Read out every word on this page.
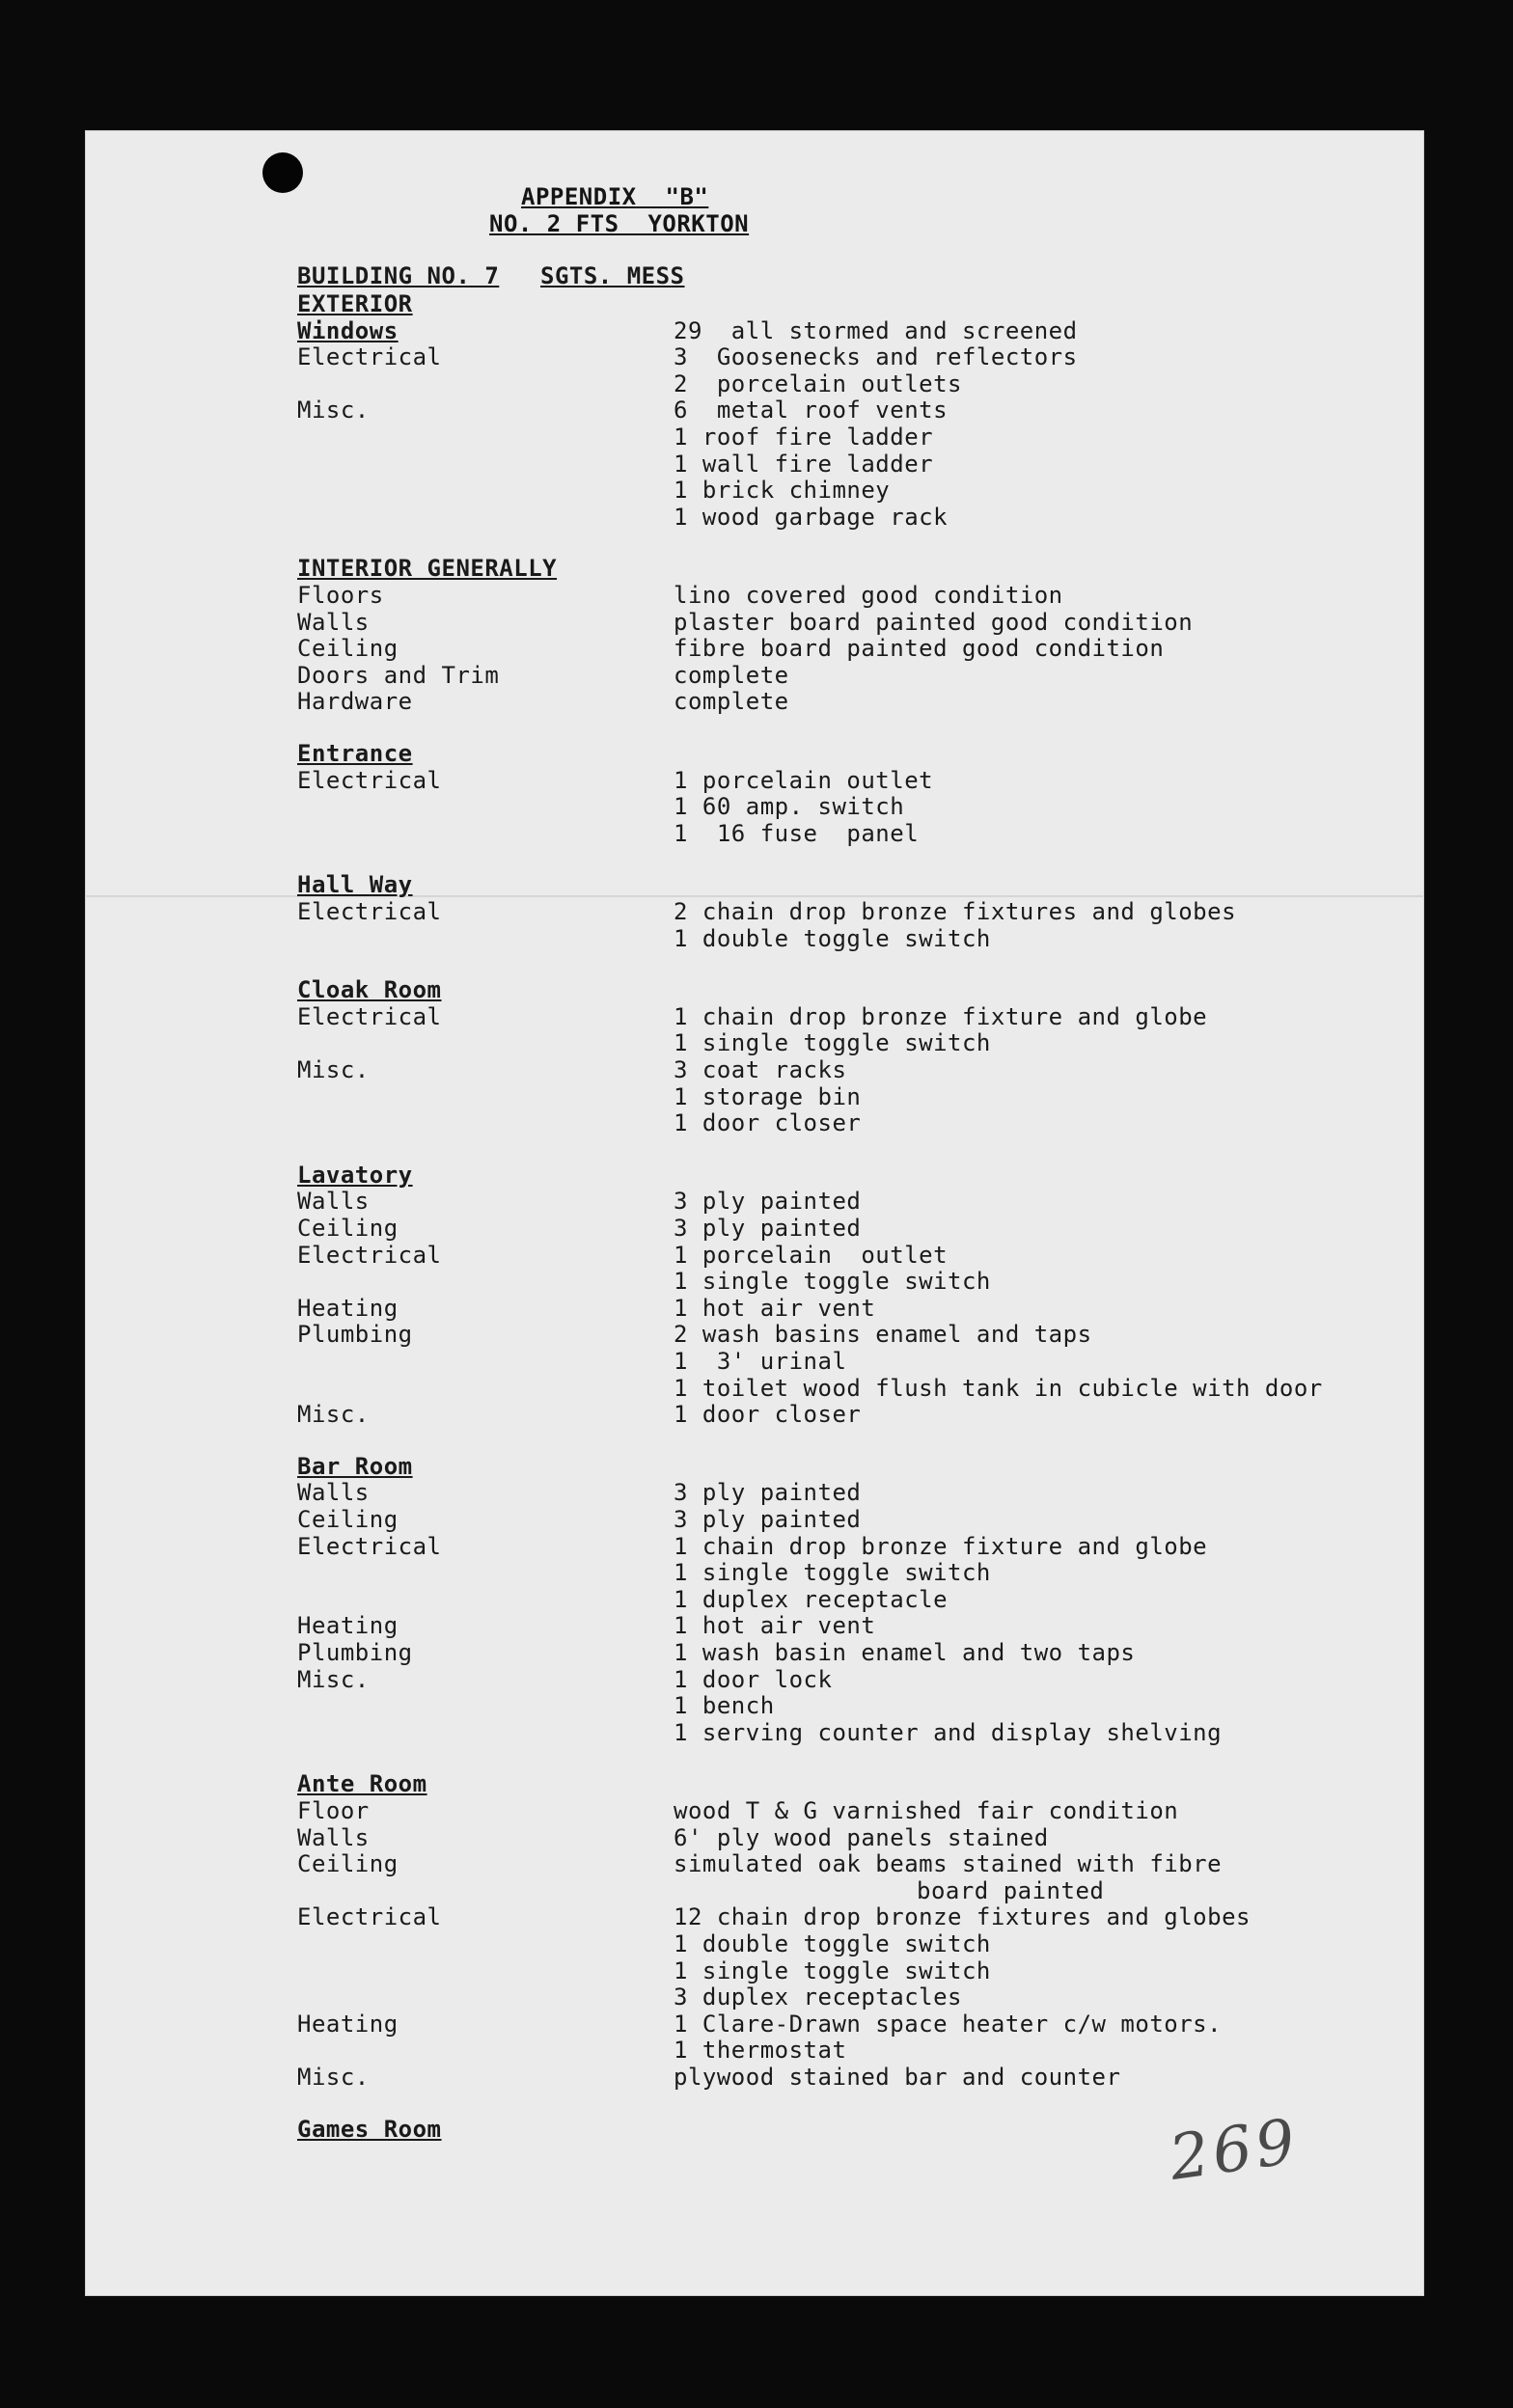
APPENDIX  "B"
NO. 2 FTS  YORKTON
BUILDING NO. 7 SGTS. MESS
EXTERIOR
Windows	29  all stormed and screened
Electrical	3  Goosenecks and reflectors
2  porcelain outlets
Misc.	6  metal roof vents
1 roof fire ladder
1 wall fire ladder
1 brick chimney
1 wood garbage rack
INTERIOR GENERALLY
Floors	lino covered good condition
Walls	plaster board painted good condition
Ceiling	fibre board painted good condition
Doors and Trim	complete
Hardware	complete
Entrance
Electrical	1 porcelain outlet
1 60 amp. switch
1  16 fuse  panel
Hall Way
Electrical	2 chain drop bronze fixtures and globes
1 double toggle switch
Cloak Room
Electrical	1 chain drop bronze fixture and globe
1 single toggle switch
Misc.	3 coat racks
1 storage bin
1 door closer
Lavatory
Walls	3 ply painted
Ceiling	3 ply painted
Electrical	1 porcelain  outlet
1 single toggle switch
Heating	1 hot air vent
Plumbing	2 wash basins enamel and taps
1  3' urinal
1 toilet wood flush tank in cubicle with door
Misc.	1 door closer
Bar Room
Walls	3 ply painted
Ceiling	3 ply painted
Electrical	1 chain drop bronze fixture and globe
1 single toggle switch
1 duplex receptacle
Heating	1 hot air vent
Plumbing	1 wash basin enamel and two taps
Misc.	1 door lock
1 bench
1 serving counter and display shelving
Ante Room
Floor	wood T & G varnished fair condition
Walls	6' ply wood panels stained
Ceiling	simulated oak beams stained with fibre
board painted
Electrical	12 chain drop bronze fixtures and globes
1 double toggle switch
1 single toggle switch
3 duplex receptacles
Heating	1 Clare-Drawn space heater c/w motors.
1 thermostat
Misc.	plywood stained bar and counter
Games Room	269
